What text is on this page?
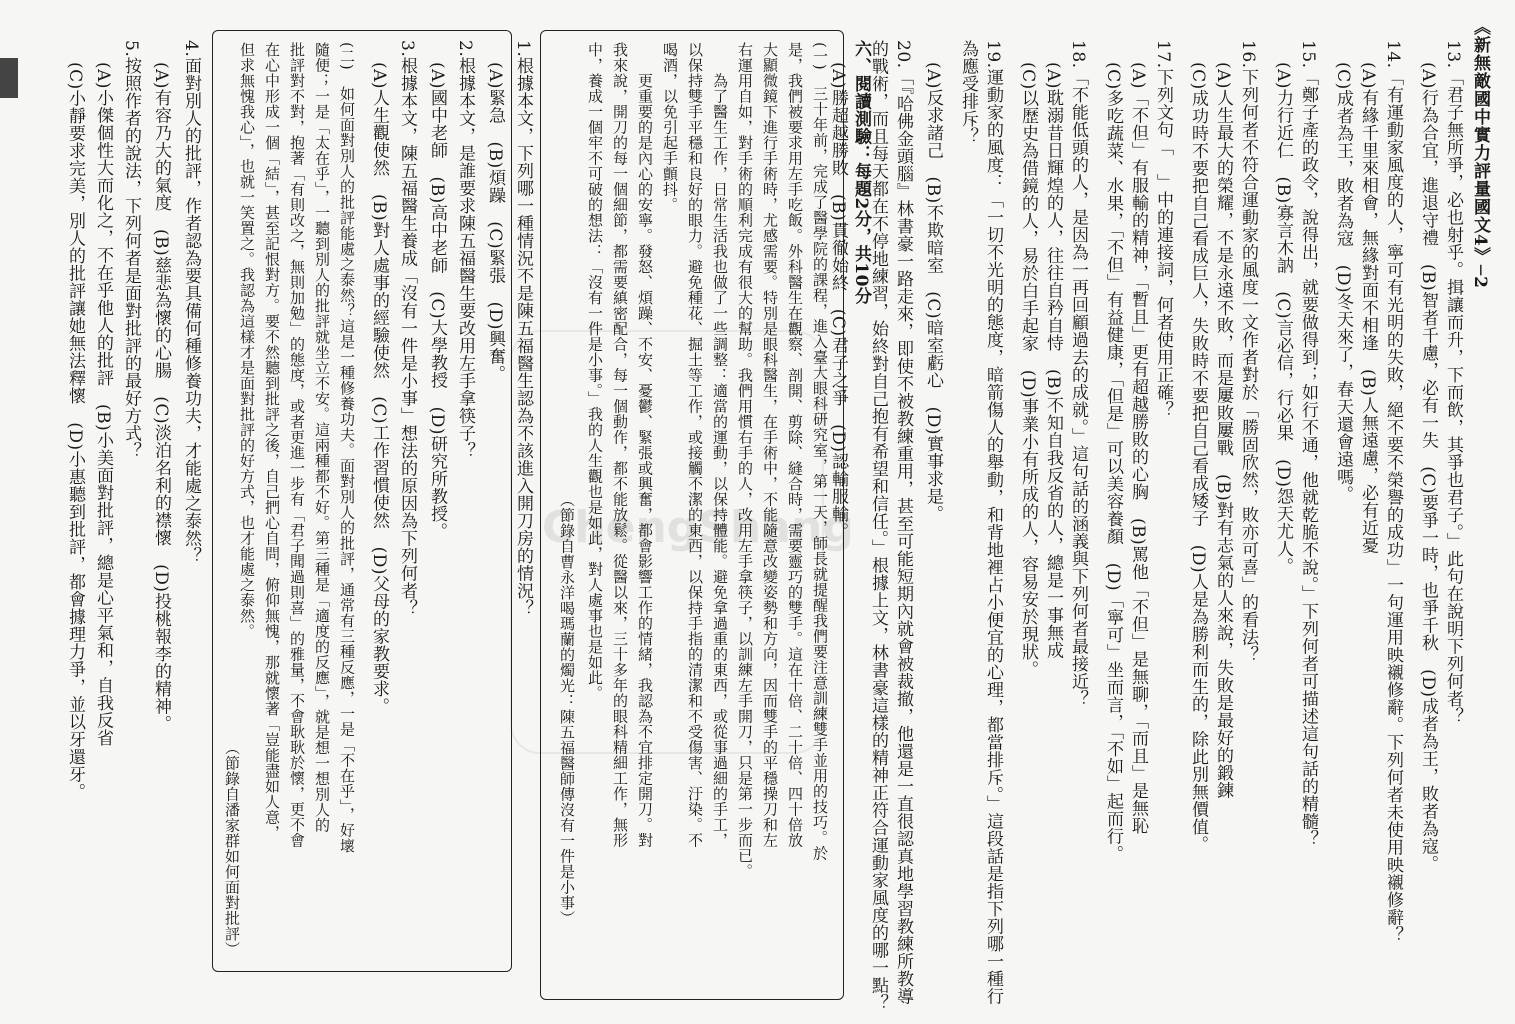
《新無敵國中實力評量國文4》─2
ChengShang	13.「君子無所爭，必也射乎。揖讓而升，下而飲，其爭也君子。」此句在說明下列何者？
(A)行為合宜，進退守禮　(B)智者千慮，必有一失　(C)要爭一時，也爭千秋　(D)成者為王，敗者為寇。
14.「有運動家風度的人，寧可有光明的失敗，絕不要不榮譽的成功」一句運用映襯修辭。下列何者未使用映襯修辭？
(A)有緣千里來相會，無緣對面不相逢　(B)人無遠慮，必有近憂
(C)成者為王，敗者為寇　(D)冬天來了，春天還會遠嗎。
15.「鄭子產的政令，說得出，就要做得到；如行不通，他就乾脆不說。」下列何者可描述這句話的精髓？
(A)力行近仁　(B)寡言木訥　(C)言必信，行必果　(D)怨天尤人。
16.下列何者不符合運動家的風度一文作者對於「勝固欣然，敗亦可喜」的看法？
(A)人生最大的榮耀，不是永遠不敗，而是屢敗屢戰　(B)對有志氣的人來說，失敗是最好的鍛鍊
(C)成功時不要把自己看成巨人，失敗時不要把自己看成矮子　(D)人是為勝利而生的，除此別無價值。
17.下列文句「　」中的連接詞，何者使用正確？
(A)「不但」有服輸的精神，「暫且」更有超越勝敗的心胸　(B)罵他「不但」是無聊，「而且」是無恥
(C)多吃蔬菜、水果，「不但」有益健康，「但是」可以美容養顏　(D)「寧可」坐而言，「不如」起而行。
18.「不能低頭的人，是因為一再回顧過去的成就。」這句話的涵義與下列何者最接近？
(A)耽溺昔日輝煌的人，往往自矜自恃　(B)不知自我反省的人，總是一事無成
(C)以歷史為借鏡的人，易於白手起家　(D)事業小有所成的人，容易安於現狀。
19.運動家的風度：「一切不光明的態度，暗箭傷人的舉動，和背地裡占小便宜的心理，都當排斥。」這段話是指下列哪一種行為應受排斥？
(A)反求諸己　(B)不欺暗室　(C)暗室虧心　(D)實事求是。
20.「『哈佛金頭腦』林書豪一路走來，即使不被教練重用，甚至可能短期內就會被裁撤，他還是一直很認真地學習教練所教導的戰術，而且每天都在不停地練習，始終對自己抱有希望和信任。」根據上文，林書豪這樣的精神正符合運動家風度的哪一點？
(A)勝超越勝敗　(B)貫徹始終　(C)君子之爭　(D)認輸服輸。 六、閱讀測驗：每題2分，共10分
(一)　三十年前，完成了醫學院的課程，進入臺大眼科研究室，第一天，師長就提醒我們要注意訓練雙手並用的技巧。於
是，我們被要求用左手吃飯。外科醫生在觀察、剖開、剪除、縫合時，需要靈巧的雙手。這在十倍、二十倍、四十倍放
大顯微鏡下進行手術時，尤感需要。特別是眼科醫生，在手術中，不能隨意改變姿勢和方向，因而雙手的平穩操刀和左
右運用自如，對手術的順利完成有很大的幫助。我們用慣右手的人，改用左手拿筷子，以訓練左手開刀，只是第一步而已。
　　為了醫生工作，日常生活我也做了一些調整：適當的運動，以保持體能。避免拿過重的東西，或從事過細的手工，
以保持雙手平穩和良好的眼力。避免種花、掘土等工作，或接觸不潔的東西，以保持手指的清潔和不受傷害、汙染。不
喝酒，以免引起手顫抖。
　　更重要的是內心的安寧。發怒、煩躁、不安、憂鬱、緊張或興奮，都會影響工作的情緒，我認為不宜排定開刀。對
我來說，開刀的每一個細節，都需要縝密配合，每一個動作，都不能放鬆。從醫以來，三十多年的眼科精細工作，無形
中，養成一個牢不可破的想法：「沒有一件是小事。」我的人生觀也是如此，對人處事也是如此。
（節錄自曹永洋喝瑪蘭的燭光：陳五福醫師傳沒有一件是小事）
1.根據本文，下列哪一種情況不是陳五福醫生認為不該進入開刀房的情況？
(A)緊急　(B)煩躁　(C)緊張　(D)興奮。
2.根據本文，是誰要求陳五福醫生要改用左手拿筷子？
(A)國中老師　(B)高中老師　(C)大學教授　(D)研究所教授。
3.根據本文，陳五福醫生養成「沒有一件是小事」想法的原因為下列何者？
(A)人生觀使然　(B)對人處事的經驗使然　(C)工作習慣使然　(D)父母的家教要求。
(二)　如何面對別人的批評能處之泰然？這是一種修養功夫。面對別人的批評，通常有三種反應，一是「不在乎」，好壞
隨便；一是「太在乎」，一聽到別人的批評就坐立不安。這兩種都不好。第三種是「適度的反應」，就是想一想別人的
批評對不對，抱著「有則改之，無則加勉」的態度，或者更進一步有「君子聞過則喜」的雅量，不會耿耿於懷，更不會
在心中形成一個「結」，甚至記恨對方。要不然聽到批評之後，自己捫心自問，俯仰無愧，那就懷著「豈能盡如人意，
但求無愧我心」，也就一笑置之。我認為這樣才是面對批評的好方式，也才能處之泰然。
（節錄自潘家群如何面對批評）
4.面對別人的批評，作者認為要具備何種修養功夫，才能處之泰然？
(A)有容乃大的氣度　(B)慈悲為懷的心腸　(C)淡泊名利的襟懷　(D)投桃報李的精神。
5.按照作者的說法，下列何者是面對批評的最好方式？
(A)小傑個性大而化之，不在乎他人的批評　(B)小美面對批評，總是心平氣和，自我反省
(C)小靜要求完美，別人的批評讓她無法釋懷　(D)小惠聽到批評，都會據理力爭，並以牙還牙。
